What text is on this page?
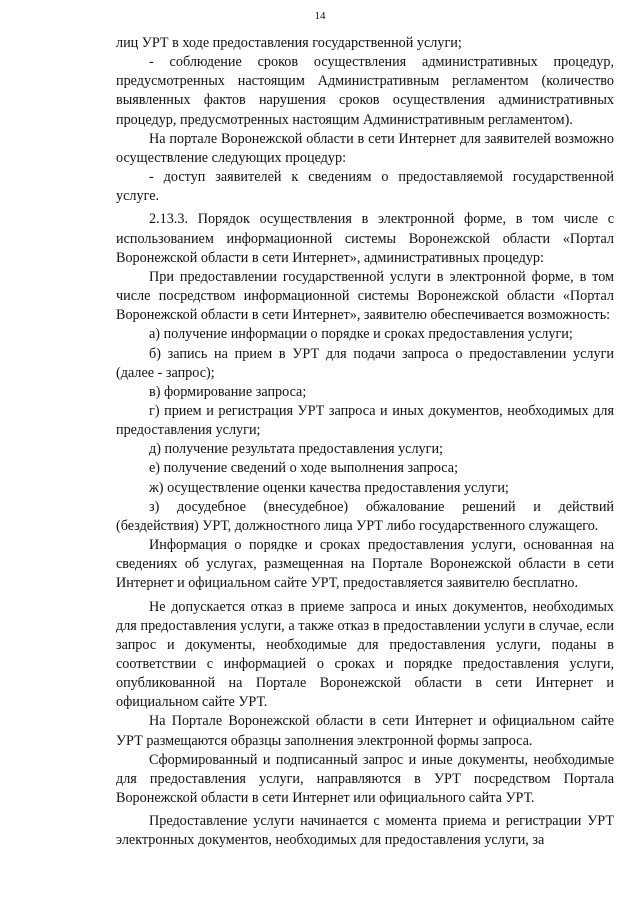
14

лиц УРТ в ходе предоставления государственной услуги;

- соблюдение сроков осуществления административных процедур, предусмотренных настоящим Административным регламентом (количество выявленных фактов нарушения сроков осуществления административных процедур, предусмотренных настоящим Административным регламентом).

На портале Воронежской области в сети Интернет для заявителей возможно осуществление следующих процедур:

- доступ заявителей к сведениям о предоставляемой государственной услуге.

2.13.3. Порядок осуществления в электронной форме, в том числе с использованием информационной системы Воронежской области «Портал Воронежской области в сети Интернет», административных процедур:

При предоставлении государственной услуги в электронной форме, в том числе посредством информационной системы Воронежской области «Портал Воронежской области в сети Интернет», заявителю обеспечивается возможность:

а) получение информации о порядке и сроках предоставления услуги;

б) запись на прием в УРТ для подачи запроса о предоставлении услуги (далее - запрос);

в) формирование запроса;

г) прием и регистрация УРТ запроса и иных документов, необходимых для предоставления услуги;

д) получение результата предоставления услуги;

е) получение сведений о ходе выполнения запроса;

ж) осуществление оценки качества предоставления услуги;

з) досудебное (внесудебное) обжалование решений и действий (бездействия) УРТ, должностного лица УРТ либо государственного служащего.

Информация о порядке и сроках предоставления услуги, основанная на сведениях об услугах, размещенная на Портале Воронежской области в сети Интернет и официальном сайте УРТ, предоставляется заявителю бесплатно.

Не допускается отказ в приеме запроса и иных документов, необходимых для предоставления услуги, а также отказ в предоставлении услуги в случае, если запрос и документы, необходимые для предоставления услуги, поданы в соответствии с информацией о сроках и порядке предоставления услуги, опубликованной на Портале Воронежской области в сети Интернет и официальном сайте УРТ.

На Портале Воронежской области в сети Интернет и официальном сайте УРТ размещаются образцы заполнения электронной формы запроса.

Сформированный и подписанный запрос и иные документы, необходимые для предоставления услуги, направляются в УРТ посредством Портала Воронежской области в сети Интернет или официального сайта УРТ.

Предоставление услуги начинается с момента приема и регистрации УРТ электронных документов, необходимых для предоставления услуги, за
